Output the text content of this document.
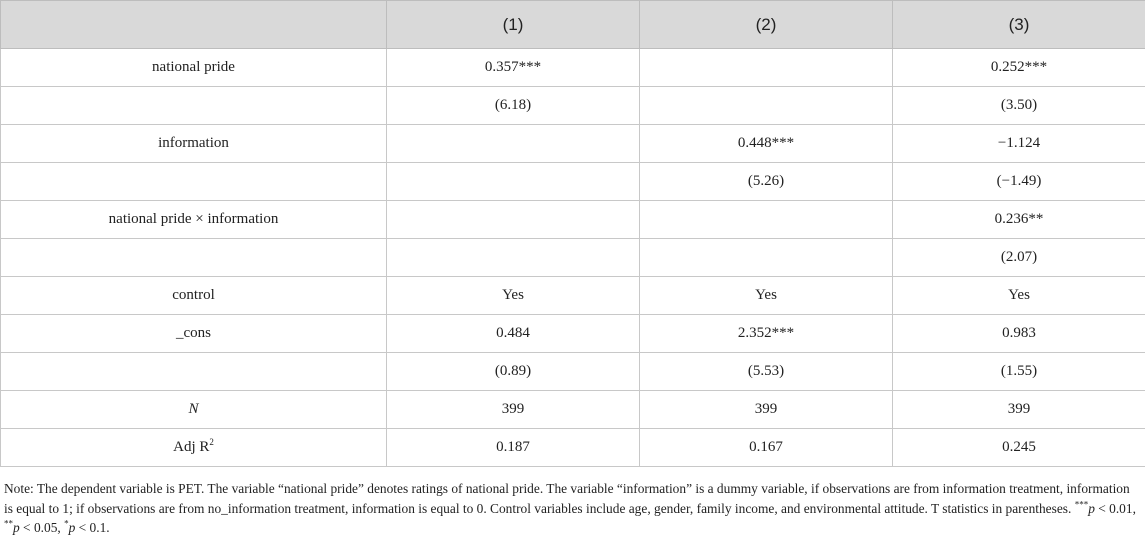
	(1)	(2)	(3)
national pride	0.357***		0.252***
	(6.18)		(3.50)
information		0.448***	−1.124
		(5.26)	(−1.49)
national pride × information			0.236**
			(2.07)
control	Yes	Yes	Yes
_cons	0.484	2.352***	0.983
	(0.89)	(5.53)	(1.55)
N	399	399	399
Adj $R^2$	0.187	0.167	0.245

Note: The dependent variable is PET. The variable “national pride” denotes ratings of national pride. The variable “information” is a dummy variable, if observations are from information treatment, information is equal to 1; if observations are from no_information treatment, information is equal to 0. Control variables include age, gender, family income, and environmental attitude. T statistics in parentheses. ***p < 0.01, **p < 0.05, *p < 0.1.
